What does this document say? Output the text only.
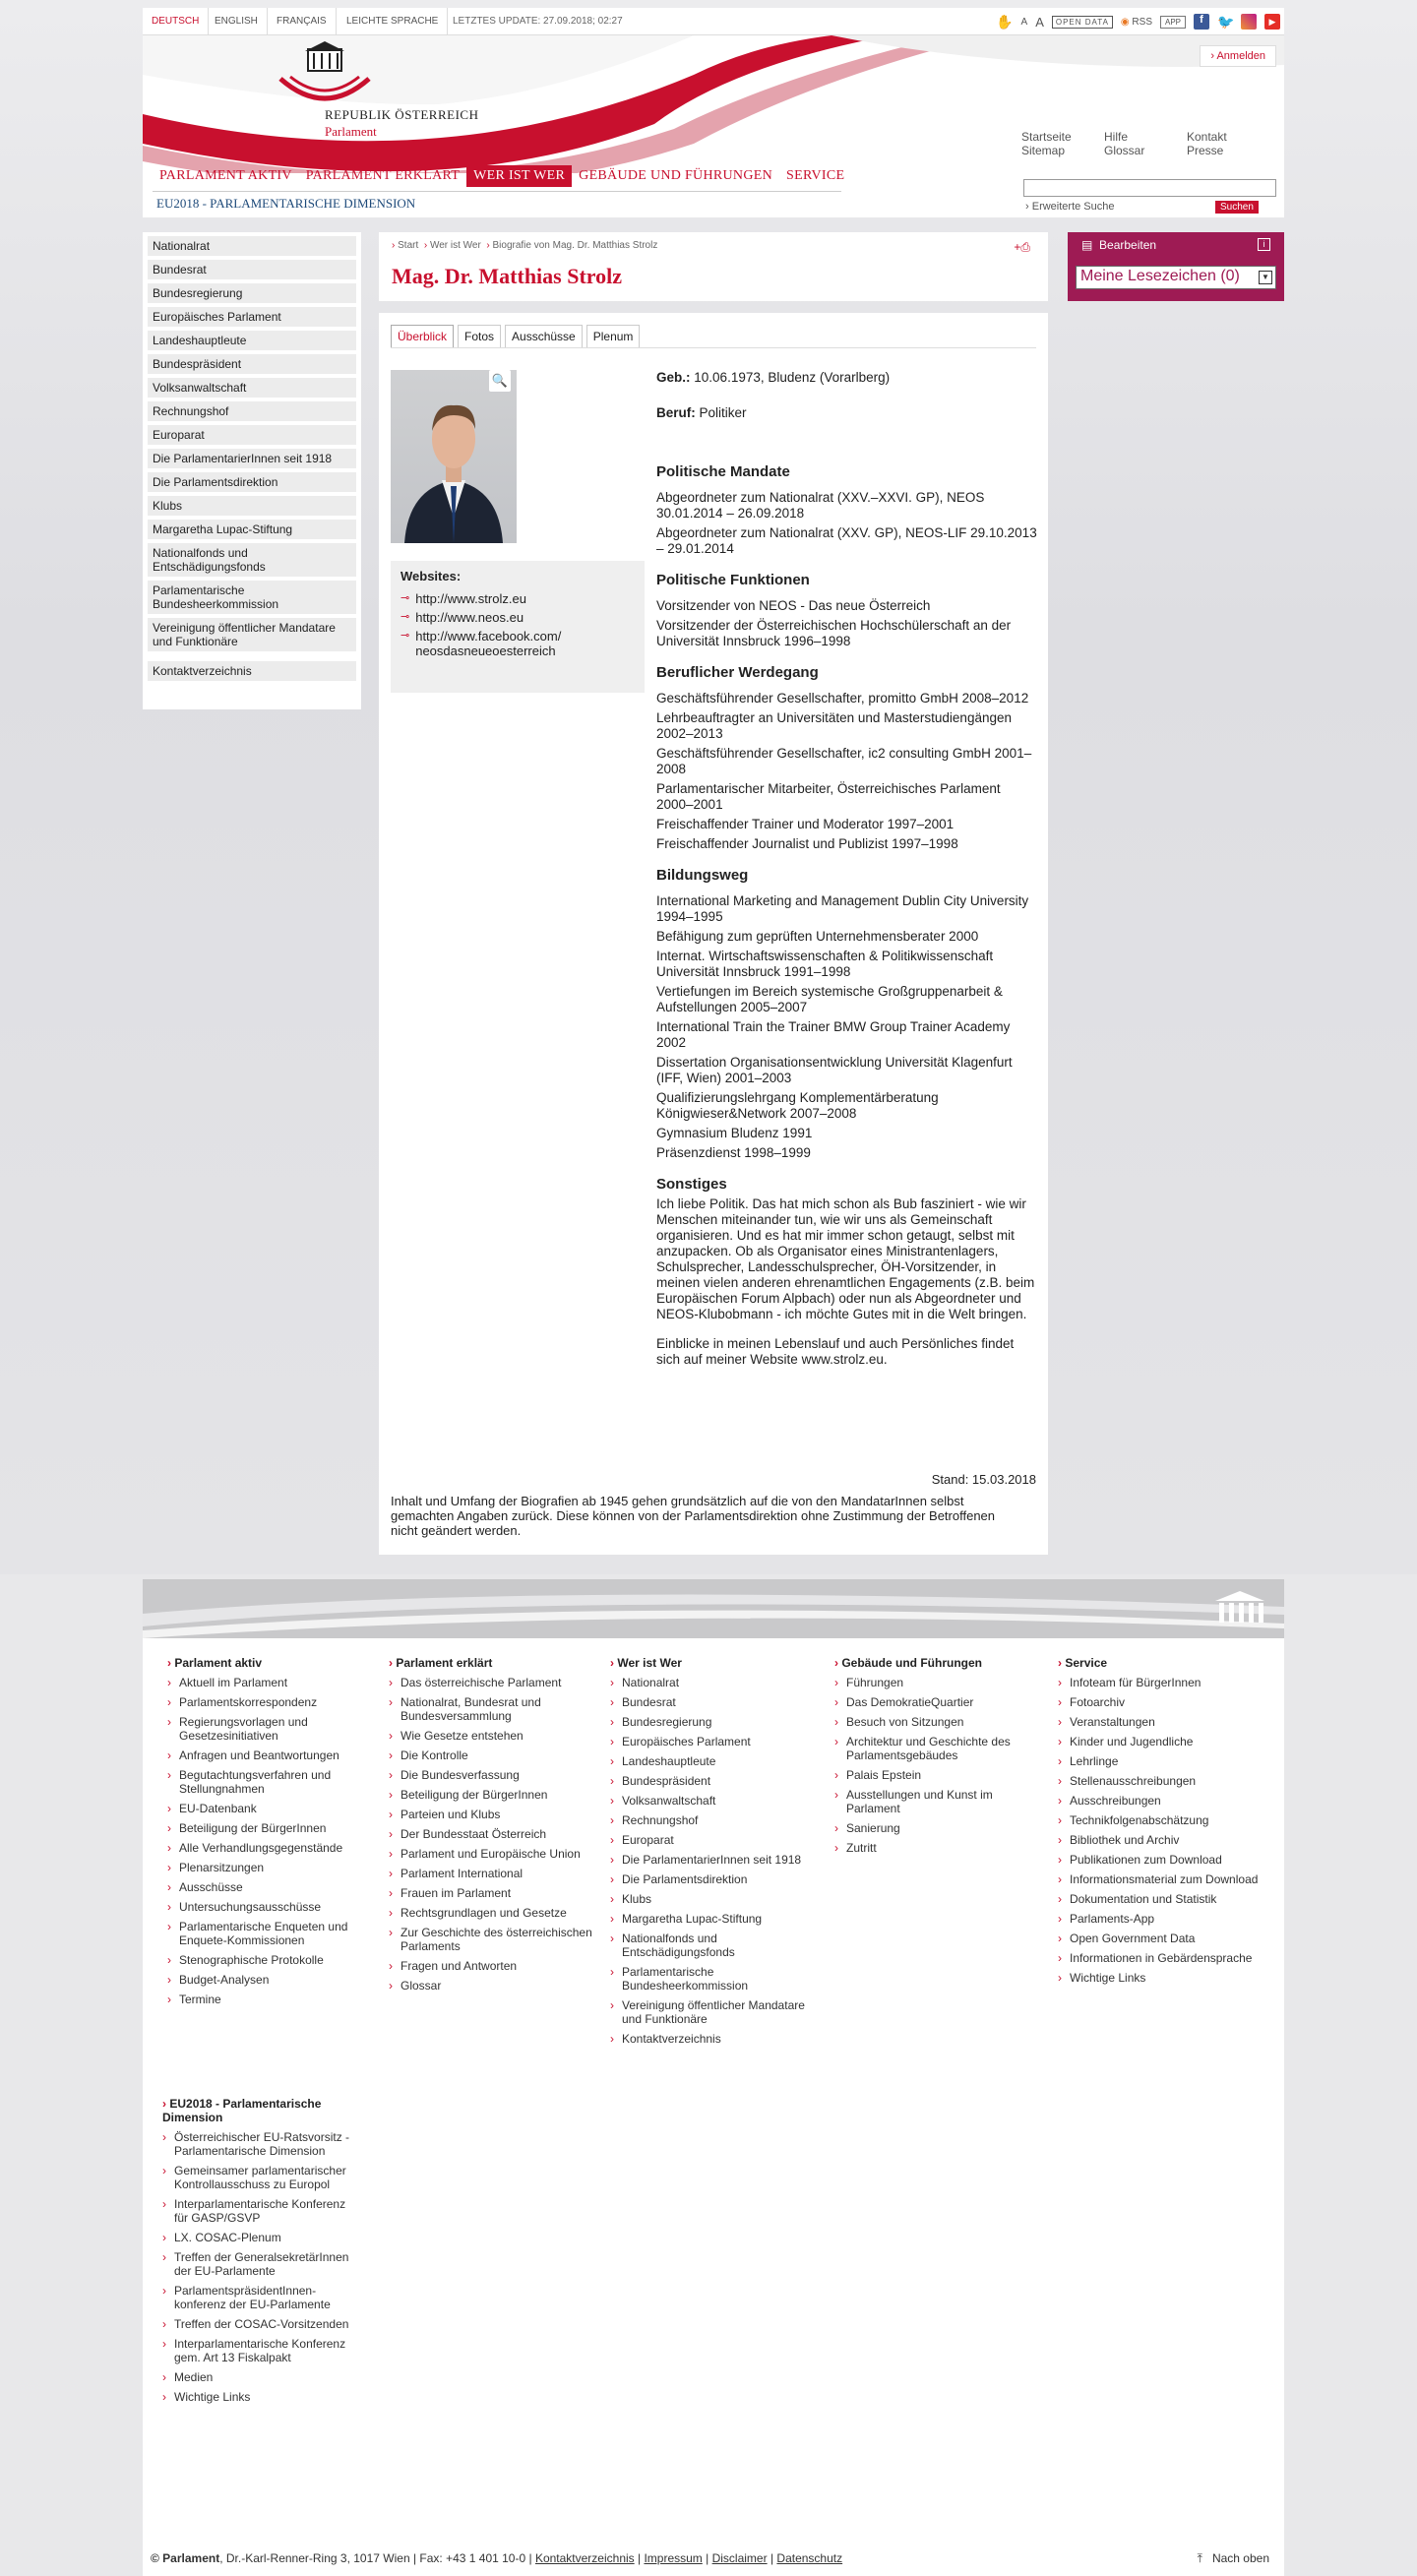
DEUTSCH	ENGLISH	FRANÇAIS	LEICHTE SPRACHE	LETZTES UPDATE: 27.09.2018; 02:27	✋ A A	OPEN DATA	◉ RSS	APP	f	🐦	▶
REPUBLIK ÖSTERREICH
Parlament
› Anmelden
Startseite
Sitemap
Hilfe
Glossar
Kontakt
Presse
PARLAMENT AKTIV	PARLAMENT ERKLÄRT	WER IST WER	GEBÄUDE UND FÜHRUNGEN	SERVICE
EU2018 - PARLAMENTARISCHE DIMENSION	› Erweiterte Suche	Suchen
Nationalrat
Bundesrat
Bundesregierung
Europäisches Parlament
Landeshauptleute
Bundespräsident
Volksanwaltschaft
Rechnungshof
Europarat
Die ParlamentarierInnen seit 1918
Die Parlamentsdirektion
Klubs
Margaretha Lupac-Stiftung
Nationalfonds und Entschädigungsfonds
Parlamentarische Bundesheerkommission
Vereinigung öffentlicher Mandatare und Funktionäre
Kontaktverzeichnis
› Start › Wer ist Wer › Biografie von Mag. Dr. Matthias Strolz	+⎙
Mag. Dr. Matthias Strolz
▤ Bearbeiten	i
Meine Lesezeichen (0)	▼
Überblick	Fotos	Ausschüsse	Plenum
🔍
Websites:
⊸ http://www.strolz.eu
⊸ http://www.neos.eu
⊸ http://www.facebook.com/ neosdasneueoesterreich

Geb.: 10.06.1973, Bludenz (Vorarlberg)

Beruf: Politiker

Politische Mandate
Abgeordneter zum Nationalrat (XXV.–XXVI. GP), NEOS 30.01.2014 – 26.09.2018
Abgeordneter zum Nationalrat (XXV. GP), NEOS-LIF 29.10.2013 – 29.01.2014
Politische Funktionen
Vorsitzender von NEOS - Das neue Österreich
Vorsitzender der Österreichischen Hochschülerschaft an der Universität Innsbruck 1996–1998
Beruflicher Werdegang
Geschäftsführender Gesellschafter, promitto GmbH 2008–2012
Lehrbeauftragter an Universitäten und Masterstudiengängen 2002–2013
Geschäftsführender Gesellschafter, ic2 consulting GmbH 2001–2008
Parlamentarischer Mitarbeiter, Österreichisches Parlament 2000–2001
Freischaffender Trainer und Moderator 1997–2001
Freischaffender Journalist und Publizist 1997–1998
Bildungsweg
International Marketing and Management Dublin City University 1994–1995
Befähigung zum geprüften Unternehmensberater 2000
Internat. Wirtschaftswissenschaften & Politikwissenschaft Universität Innsbruck 1991–1998
Vertiefungen im Bereich systemische Großgruppenarbeit & Aufstellungen 2005–2007
International Train the Trainer BMW Group Trainer Academy 2002
Dissertation Organisationsentwicklung Universität Klagenfurt (IFF, Wien) 2001–2003
Qualifizierungslehrgang Komplementärberatung Königwieser&Network 2007–2008
Gymnasium Bludenz 1991
Präsenzdienst 1998–1999
Sonstiges

Ich liebe Politik. Das hat mich schon als Bub fasziniert - wie wir Menschen miteinander tun, wie wir uns als Gemeinschaft organisieren. Und es hat mir immer schon getaugt, selbst mit anzupacken. Ob als Organisator eines Ministrantenlagers, Schulsprecher, Landesschulsprecher, ÖH-Vorsitzender, in meinen vielen anderen ehrenamtlichen Engagements (z.B. beim Europäischen Forum Alpbach) oder nun als Abgeordneter und NEOS-Klubobmann - ich möchte Gutes mit in die Welt bringen.

Einblicke in meinen Lebenslauf und auch Persönliches findet sich auf meiner Website www.strolz.eu.

Stand: 15.03.2018
Inhalt und Umfang der Biografien ab 1945 gehen grundsätzlich auf die von den MandatarInnen selbst gemachten Angaben zurück. Diese können von der Parlamentsdirektion ohne Zustimmung der Betroffenen nicht geändert werden.
› Parlament aktiv
› Aktuell im Parlament
› Parlamentskorrespondenz
› Regierungsvorlagen und Gesetzesinitiativen
› Anfragen und Beantwortungen
› Begutachtungsverfahren und Stellungnahmen
› EU-Datenbank
› Beteiligung der BürgerInnen
› Alle Verhandlungsgegenstände
› Plenarsitzungen
› Ausschüsse
› Untersuchungsausschüsse
› Parlamentarische Enqueten und Enquete-Kommissionen
› Stenographische Protokolle
› Budget-Analysen
› Termine
› Parlament erklärt
› Das österreichische Parlament
› Nationalrat, Bundesrat und Bundesversammlung
› Wie Gesetze entstehen
› Die Kontrolle
› Die Bundesverfassung
› Beteiligung der BürgerInnen
› Parteien und Klubs
› Der Bundesstaat Österreich
› Parlament und Europäische Union
› Parlament International
› Frauen im Parlament
› Rechtsgrundlagen und Gesetze
› Zur Geschichte des österreichischen Parlaments
› Fragen und Antworten
› Glossar
› Wer ist Wer
› Nationalrat
› Bundesrat
› Bundesregierung
› Europäisches Parlament
› Landeshauptleute
› Bundespräsident
› Volksanwaltschaft
› Rechnungshof
› Europarat
› Die ParlamentarierInnen seit 1918
› Die Parlamentsdirektion
› Klubs
› Margaretha Lupac-Stiftung
› Nationalfonds und Entschädigungsfonds
› Parlamentarische Bundesheerkommission
› Vereinigung öffentlicher Mandatare und Funktionäre
› Kontaktverzeichnis
› Gebäude und Führungen
› Führungen
› Das DemokratieQuartier
› Besuch von Sitzungen
› Architektur und Geschichte des Parlamentsgebäudes
› Palais Epstein
› Ausstellungen und Kunst im Parlament
› Sanierung
› Zutritt
› Service
› Infoteam für BürgerInnen
› Fotoarchiv
› Veranstaltungen
› Kinder und Jugendliche
› Lehrlinge
› Stellenausschreibungen
› Ausschreibungen
› Technikfolgenabschätzung
› Bibliothek und Archiv
› Publikationen zum Download
› Informationsmaterial zum Download
› Dokumentation und Statistik
› Parlaments-App
› Open Government Data
› Informationen in Gebärdensprache
› Wichtige Links
› EU2018 - Parlamentarische Dimension
› Österreichischer EU-Ratsvorsitz - Parlamentarische Dimension
› Gemeinsamer parlamentarischer Kontrollausschuss zu Europol
› Interparlamentarische Konferenz für GASP/GSVP
› LX. COSAC-Plenum
› Treffen der GeneralsekretärInnen der EU-Parlamente
› ParlamentspräsidentInnen-konferenz der EU-Parlamente
› Treffen der COSAC-Vorsitzenden
› Interparlamentarische Konferenz gem. Art 13 Fiskalpakt
› Medien
› Wichtige Links
© Parlament, Dr.-Karl-Renner-Ring 3, 1017 Wien | Fax: +43 1 401 10-0 | Kontaktverzeichnis | Impressum | Disclaimer | Datenschutz	⤒ Nach oben
